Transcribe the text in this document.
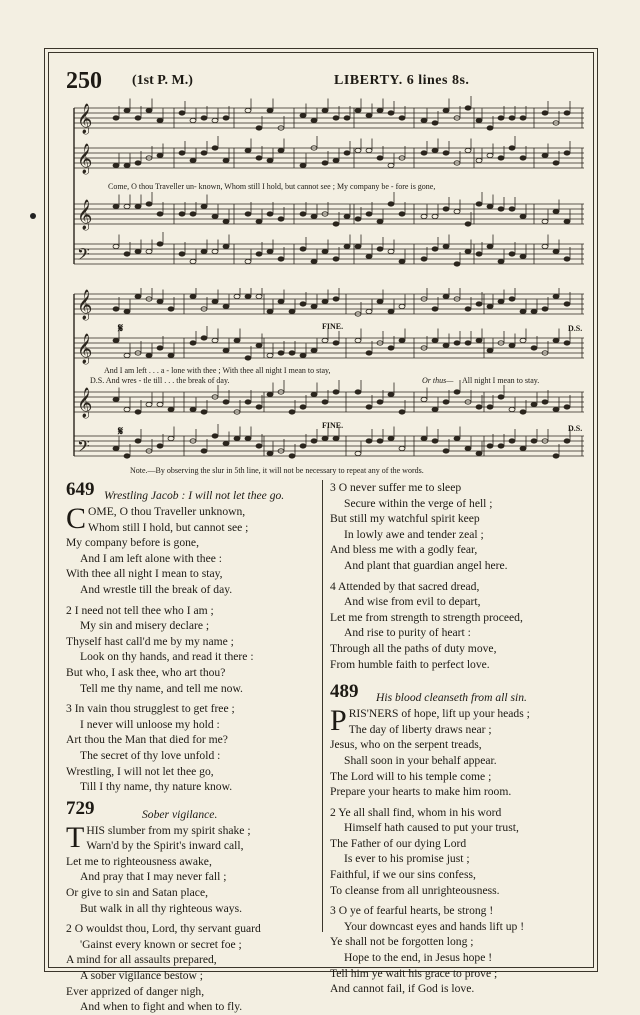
250 (1st P. M.)	LIBERTY. 6 lines 8s.
𝄞
𝄞
𝄞
𝄢
Come, O thou Traveller un- known, Whom still I hold, but cannot see ; My company be - fore is gone,
𝄞
𝄞
𝄞
𝄢
𝄋	FINE.	D.S.
And I am left . . . a - lone with thee ; With thee all night I mean to stay,
D.S. And wres - tle till . . . the break of day.	Or thus— All night I mean to stay.
𝄋	FINE.	D.S.
Note.—By observing the slur in 5th line, it will not be necessary to repeat any of the words.
649 Wrestling Jacob : I will not let thee go.
COME, O thou Traveller unknown,
Whom still I hold, but cannot see ;
My company before is gone,
And I am left alone with thee :
With thee all night I mean to stay,
And wrestle till the break of day.
2 I need not tell thee who I am ;
My sin and misery declare ;
Thyself hast call'd me by my name ;
Look on thy hands, and read it there :
But who, I ask thee, who art thou?
Tell me thy name, and tell me now.
3 In vain thou strugglest to get free ;
I never will unloose my hold :
Art thou the Man that died for me?
The secret of thy love unfold :
Wrestling, I will not let thee go,
Till I thy name, thy nature know.
729	Sober vigilance.
THIS slumber from my spirit shake ;
Warn'd by the Spirit's inward call,
Let me to righteousness awake,
And pray that I may never fall ;
Or give to sin and Satan place,
But walk in all thy righteous ways.
2 O wouldst thou, Lord, thy servant guard
'Gainst every known or secret foe ;
A mind for all assaults prepared,
A sober vigilance bestow ;
Ever apprized of danger nigh,
And when to fight and when to fly.
3 O never suffer me to sleep
Secure within the verge of hell ;
But still my watchful spirit keep
In lowly awe and tender zeal ;
And bless me with a godly fear,
And plant that guardian angel here.
4 Attended by that sacred dread,
And wise from evil to depart,
Let me from strength to strength proceed,
And rise to purity of heart :
Through all the paths of duty move,
From humble faith to perfect love.
489 His blood cleanseth from all sin.
PRIS'NERS of hope, lift up your heads ;
The day of liberty draws near ;
Jesus, who on the serpent treads,
Shall soon in your behalf appear.
The Lord will to his temple come ;
Prepare your hearts to make him room.
2 Ye all shall find, whom in his word
Himself hath caused to put your trust,
The Father of our dying Lord
Is ever to his promise just ;
Faithful, if we our sins confess,
To cleanse from all unrighteousness.
3 O ye of fearful hearts, be strong !
Your downcast eyes and hands lift up !
Ye shall not be forgotten long ;
Hope to the end, in Jesus hope !
Tell him ye wait his grace to prove ;
And cannot fail, if God is love.
